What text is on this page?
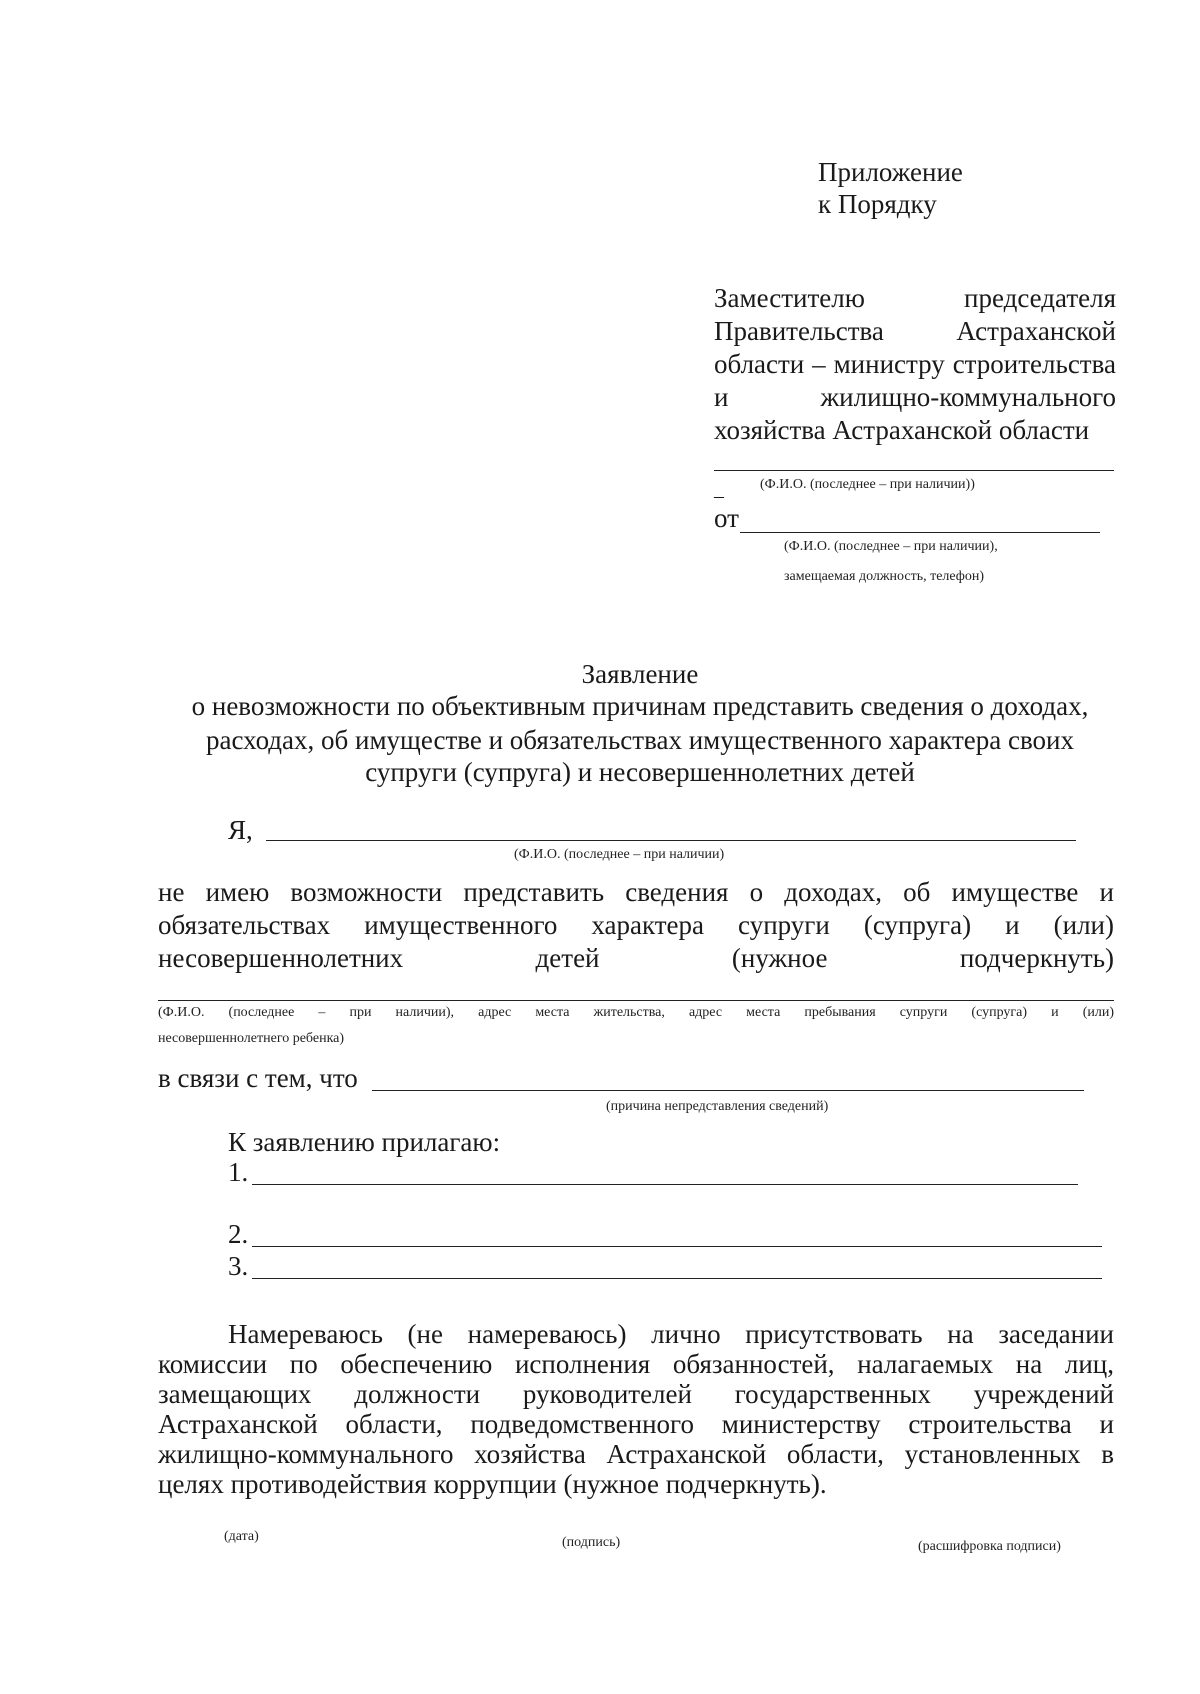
Приложение
к Порядку
Заместителю председателя
Правительства Астраханской
области – министру строительства
и жилищно-коммунального
хозяйства Астраханской области
(Ф.И.О. (последнее – при наличии))
–
от
(Ф.И.О. (последнее – при наличии),
замещаемая должность, телефон)
Заявление
о невозможности по объективным причинам представить сведения о доходах,
расходах, об имуществе и обязательствах имущественного характера своих
супруги (супруга) и несовершеннолетних детей
Я,
(Ф.И.О. (последнее – при наличии)
не имею возможности представить сведения о доходах, об имуществе и
обязательствах имущественного характера супруги (супруга) и (или)
несовершеннолетних детей (нужное подчеркнуть)
(Ф.И.О. (последнее – при наличии), адрес места жительства, адрес места пребывания супруги (супруга) и (или)
несовершеннолетнего ребенка)
в связи с тем, что
(причина непредставления сведений)
К заявлению прилагаю:
1.
2.
3.
Намереваюсь (не намереваюсь) лично присутствовать на заседании
комиссии по обеспечению исполнения обязанностей, налагаемых на лиц,
замещающих должности руководителей государственных учреждений
Астраханской области, подведомственного министерству строительства и
жилищно-коммунального хозяйства Астраханской области, установленных в
целях противодействия коррупции (нужное подчеркнуть).
(дата)	(подпись)	(расшифровка подписи)
